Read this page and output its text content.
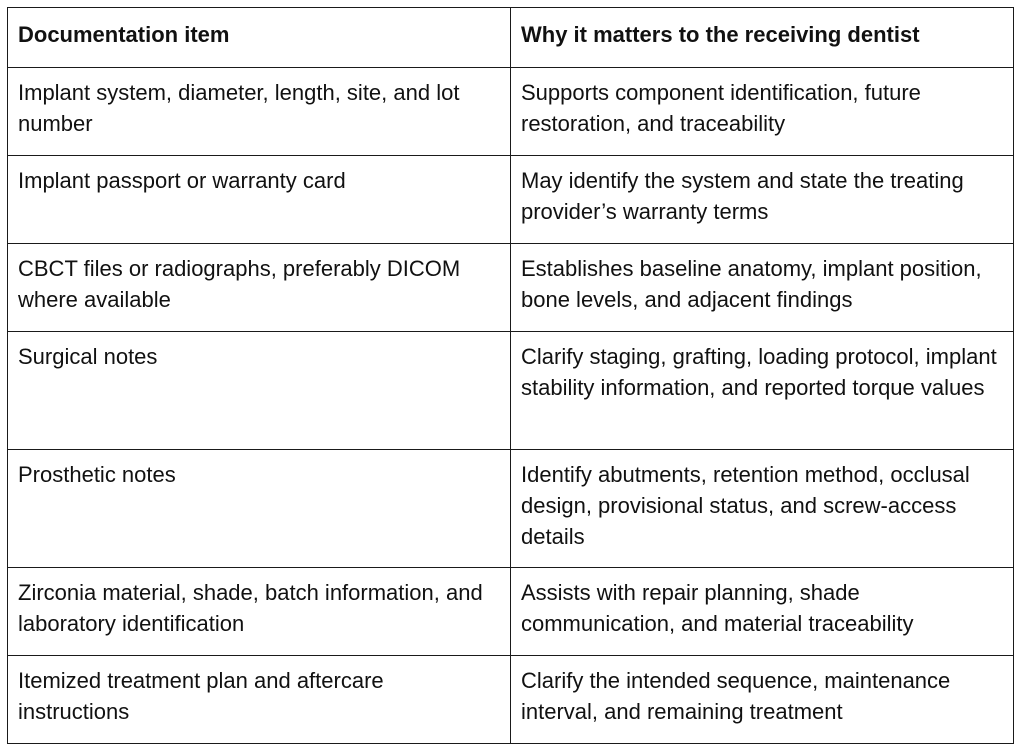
Documentation item	Why it matters to the receiving dentist
Implant system, diameter, length, site, and lot number	Supports component identification, future restoration, and traceability
Implant passport or warranty card	May identify the system and state the treating provider’s warranty terms
CBCT files or radiographs, preferably DICOM where available	Establishes baseline anatomy, implant position, bone levels, and adjacent findings
Surgical notes	Clarify staging, grafting, loading protocol, implant stability information, and reported torque values
Prosthetic notes	Identify abutments, retention method, occlusal design, provisional status, and screw-access details
Zirconia material, shade, batch information, and laboratory identification	Assists with repair planning, shade communication, and material traceability
Itemized treatment plan and aftercare instructions	Clarify the intended sequence, maintenance interval, and remaining treatment
